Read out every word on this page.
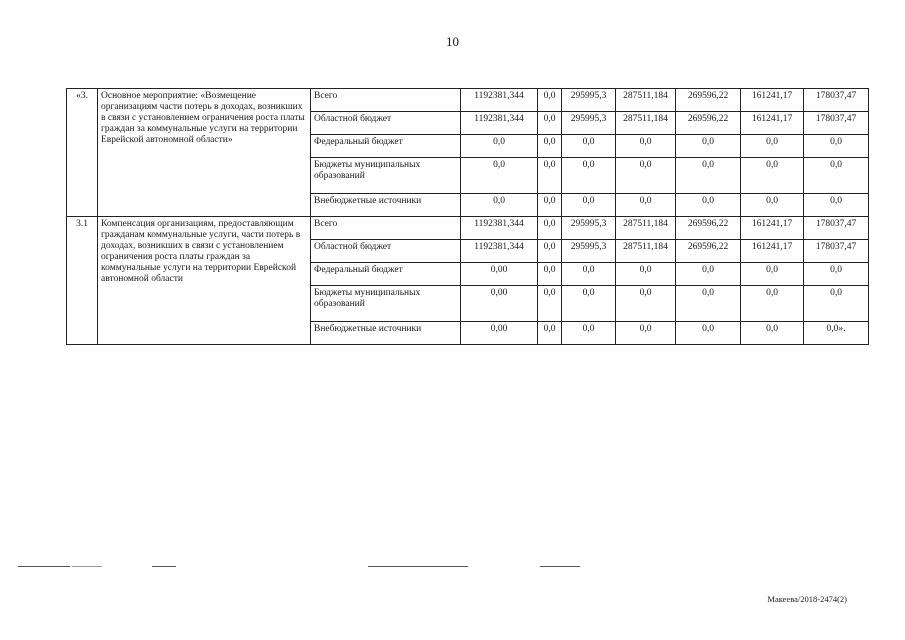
10
«3.	Основное мероприятие: «Возмещение организациям части потерь в доходах, возникших в связи с установлением ограничения роста платы граждан за коммунальные услуги на территории Еврейской автономной области»	Всего	1192381,344	0,0	295995,3	287511,184	269596,22	161241,17	178037,47
		Областной бюджет	1192381,344	0,0	295995,3	287511,184	269596,22	161241,17	178037,47
		Федеральный бюджет	0,0	0,0	0,0	0,0	0,0	0,0	0,0
		Бюджеты муниципальных образований	0,0	0,0	0,0	0,0	0,0	0,0	0,0
		Внебюджетные источники	0,0	0,0	0,0	0,0	0,0	0,0	0,0
3.1	Компенсация организациям, предоставляющим гражданам коммунальные услуги, части потерь в доходах, возникших в связи с установлением ограничения роста платы граждан за коммунальные услуги на территории Еврейской автономной области	Всего	1192381,344	0,0	295995,3	287511,184	269596,22	161241,17	178037,47
		Областной бюджет	1192381,344	0,0	295995,3	287511,184	269596,22	161241,17	178037,47
		Федеральный бюджет	0,00	0,0	0,0	0,0	0,0	0,0	0,0
		Бюджеты муниципальных образований	0,00	0,0	0,0	0,0	0,0	0,0	0,0
		Внебюджетные источники	0,00	0,0	0,0	0,0	0,0	0,0	0,0».
Макеева/2018-2474(2)
